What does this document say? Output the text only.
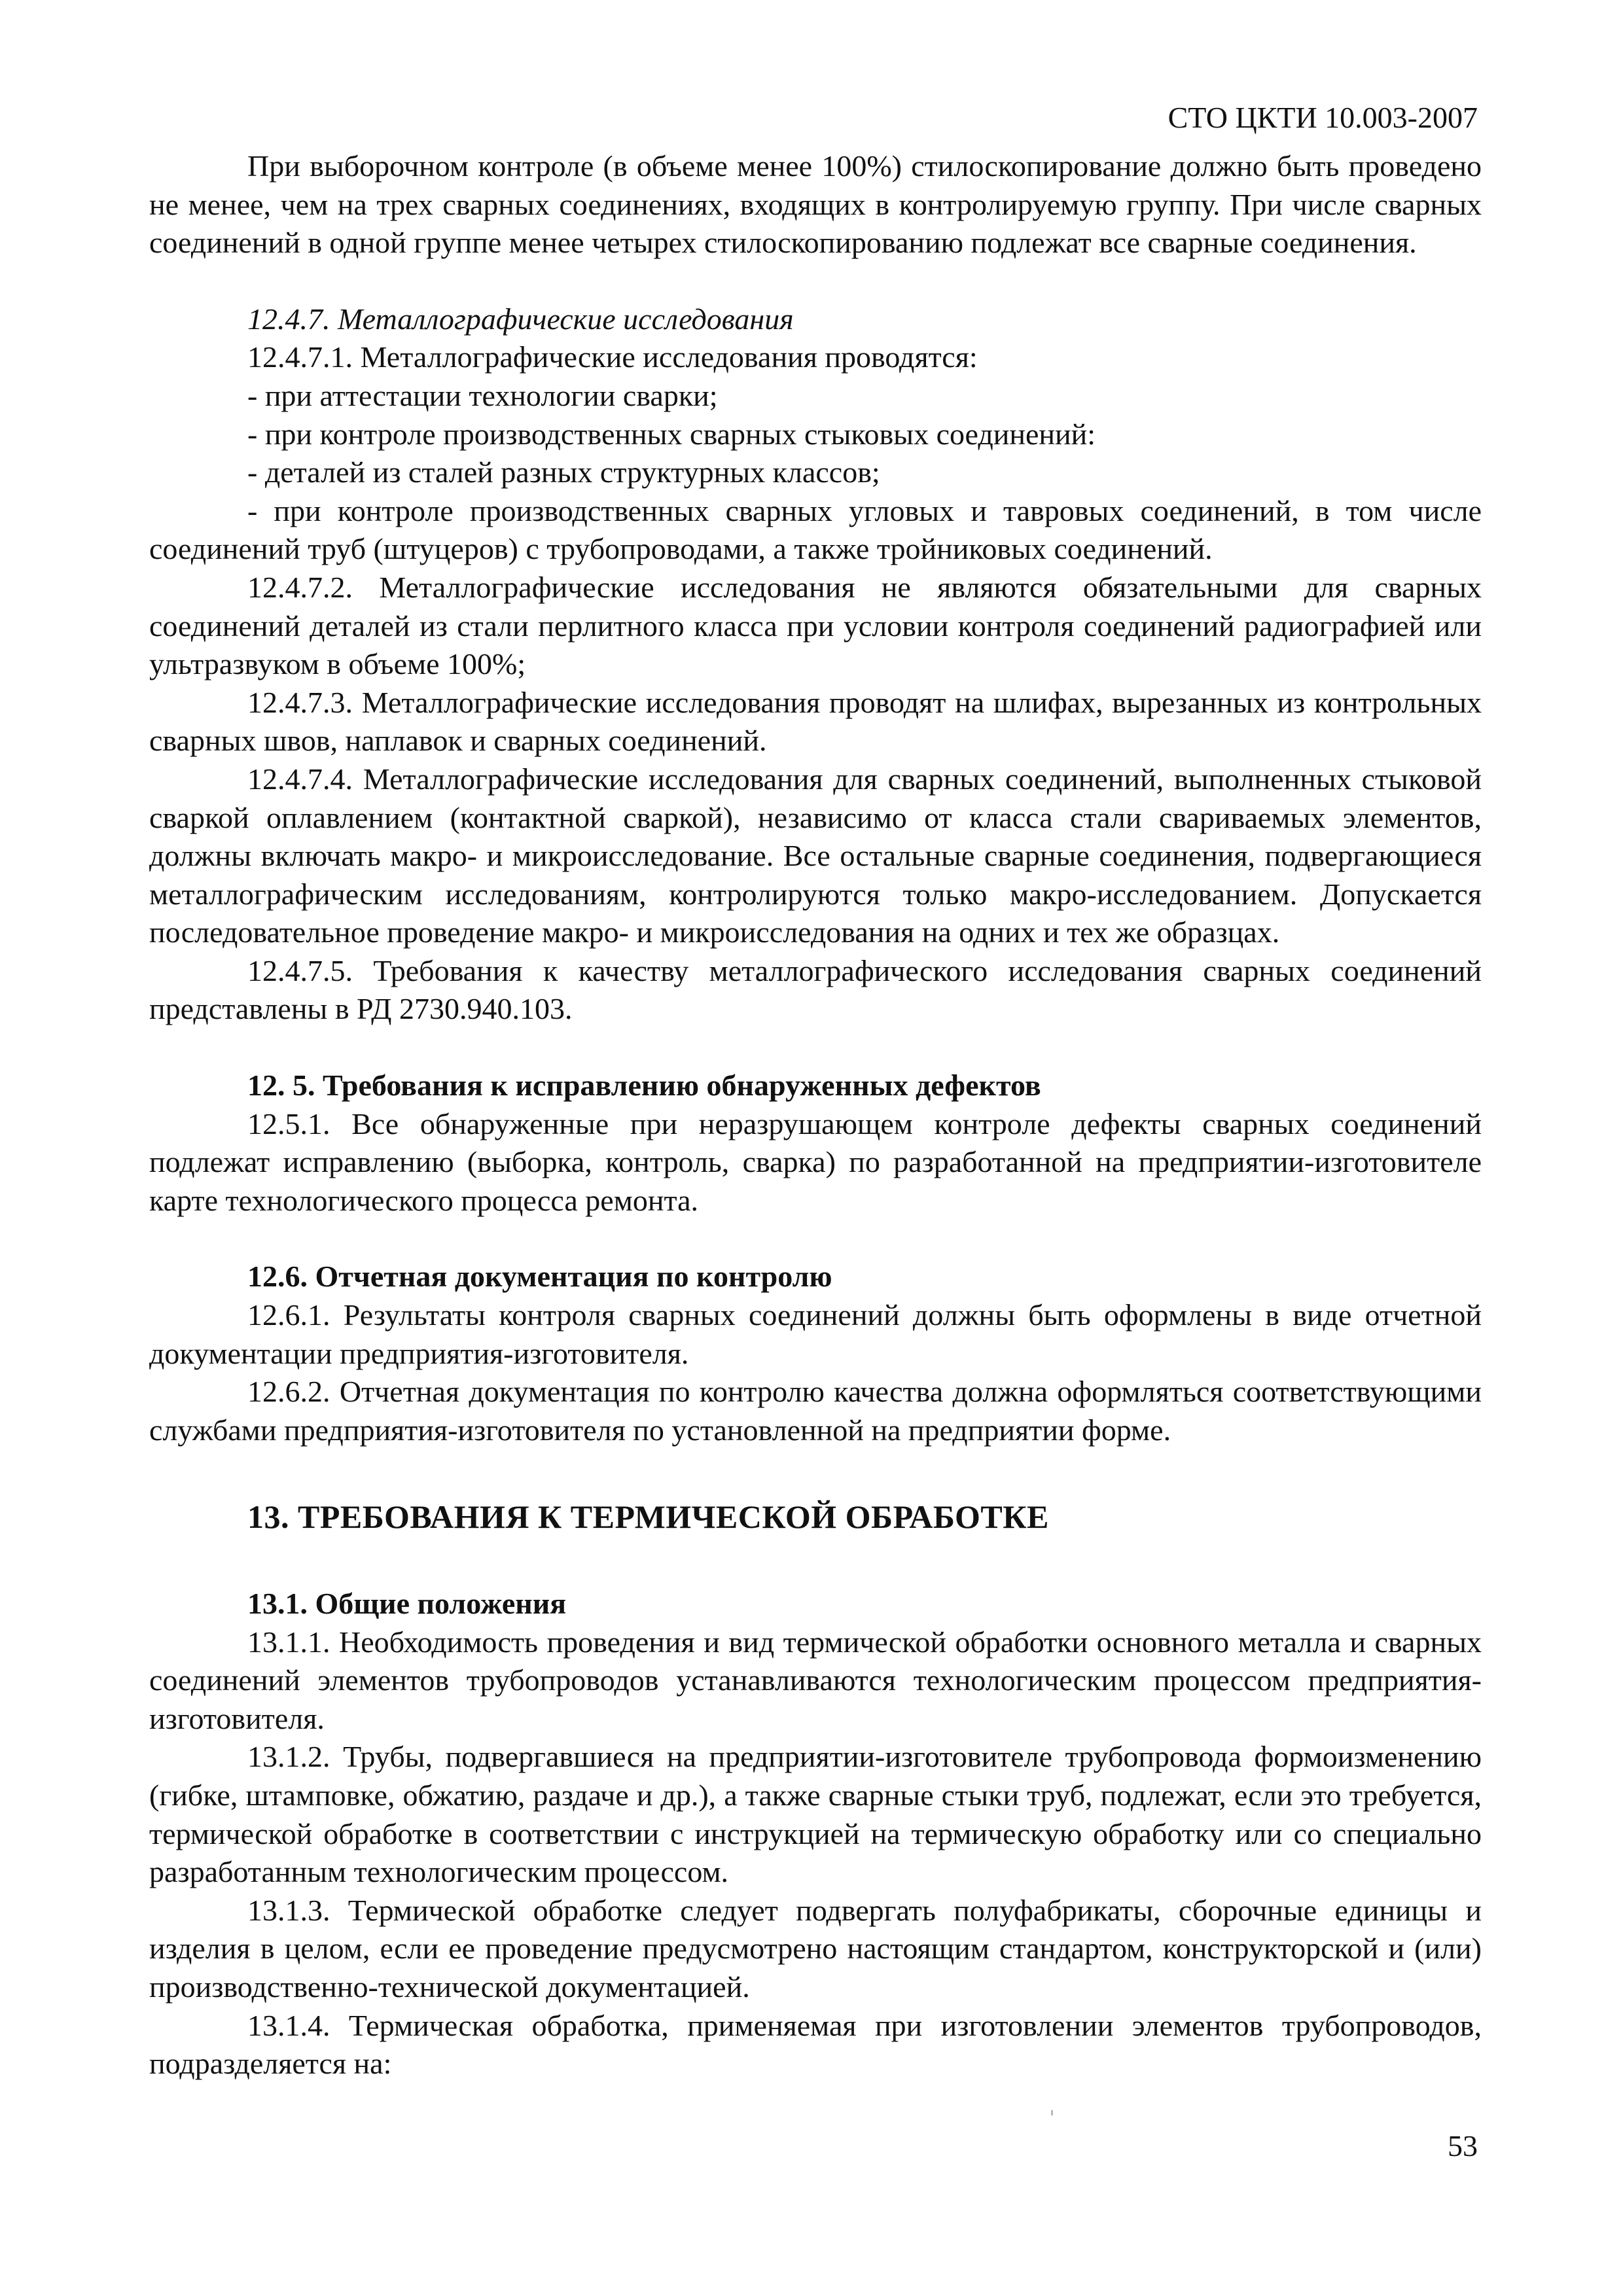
СТО ЦКТИ 10.003-2007

При выборочном контроле (в объеме менее 100%) стилоскопирование должно быть проведено не менее, чем на трех сварных соединениях, входящих в контролируемую группу. При числе сварных соединений в одной группе менее четырех стилоскопированию подлежат все сварные соединения.

12.4.7. Металлографические исследования

12.4.7.1. Металлографические исследования проводятся:

- при аттестации технологии сварки;

- при контроле производственных сварных стыковых соединений:

- деталей из сталей разных структурных классов;

- при контроле производственных сварных угловых и тавровых соединений, в том числе соединений труб (штуцеров) с трубопроводами, а также тройниковых соединений.

12.4.7.2. Металлографические исследования не являются обязательными для сварных соединений деталей из стали перлитного класса при условии контроля соединений радиографией или ультразвуком в объеме 100%;

12.4.7.3. Металлографические исследования проводят на шлифах, вырезанных из контрольных сварных швов, наплавок и сварных соединений.

12.4.7.4. Металлографические исследования для сварных соединений, выполненных стыковой сваркой оплавлением (контактной сваркой), независимо от класса стали свариваемых элементов, должны включать макро- и микроисследование. Все остальные сварные соединения, подвергающиеся металлографическим исследованиям, контролируются только макро-исследованием. Допускается последовательное проведение макро- и микроисследования на одних и тех же образцах.

12.4.7.5. Требования к качеству металлографического исследования сварных соединений представлены в РД 2730.940.103.

12. 5. Требования к исправлению обнаруженных дефектов

12.5.1. Все обнаруженные при неразрушающем контроле дефекты сварных соединений подлежат исправлению (выборка, контроль, сварка) по разработанной на предприятии-изготовителе карте технологического процесса ремонта.

12.6. Отчетная документация по контролю

12.6.1. Результаты контроля сварных соединений должны быть оформлены в виде отчетной документации предприятия-изготовителя.

12.6.2. Отчетная документация по контролю качества должна оформляться соответствующими службами предприятия-изготовителя по установленной на предприятии форме.

13. ТРЕБОВАНИЯ К ТЕРМИЧЕСКОЙ ОБРАБОТКЕ

13.1. Общие положения

13.1.1. Необходимость проведения и вид термической обработки основного металла и сварных соединений элементов трубопроводов устанавливаются технологическим процессом предприятия-изготовителя.

13.1.2. Трубы, подвергавшиеся на предприятии-изготовителе трубопровода формоизменению (гибке, штамповке, обжатию, раздаче и др.), а также сварные стыки труб, подлежат, если это требуется, термической обработке в соответствии с инструкцией на термическую обработку или со специально разработанным технологическим процессом.

13.1.3. Термической обработке следует подвергать полуфабрикаты, сборочные единицы и изделия в целом, если ее проведение предусмотрено настоящим стандартом, конструкторской и (или) производственно-технической документацией.

13.1.4. Термическая обработка, применяемая при изготовлении элементов трубопроводов, подразделяется на:

53
